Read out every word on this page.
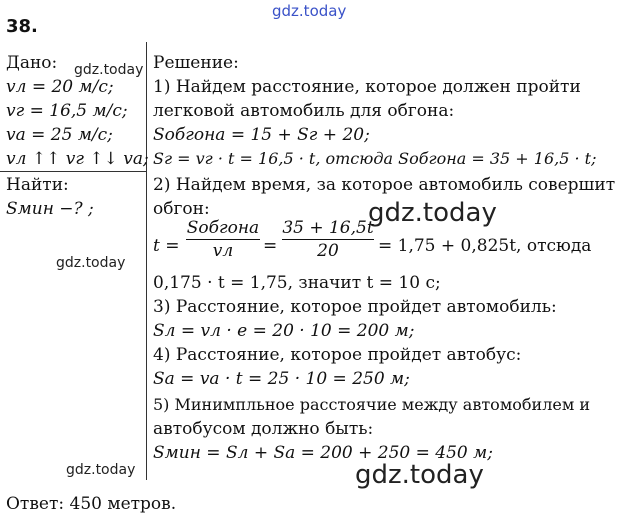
gdz.today
gdz.today
gdz.today
gdz.today
gdz.today	gdz.today
38.
Дано:
vл = 20 м/с;
vг = 16,5 м/с;
vа = 25 м/с;
vл ↑↑ vг ↑↓ vа;
Найти:
Sмин −? ;
Решение:
1) Найдем расстояние, которое должен пройти
легковой автомобиль для обгона:
Sобгона = 15 + Sг + 20;
Sг = vг · t = 16,5 · t, отсюда Sобгона = 35 + 16,5 · t;
2) Найдем время, за которое автомобиль совершит
обгон:
t =
Sобгона
vл	=
35 + 16,5t
20	= 1,75 + 0,825t, отсюда
0,175 · t = 1,75, значит t = 10 с;
3) Расстояние, которое пройдет автомобиль:
Sл = vл · e = 20 · 10 = 200 м;
4) Расстояние, которое пройдет автобус:
Sа = vа · t = 25 · 10 = 250 м;
5) Минимпльное расстоячие между автомобилем и
автобусом должно быть:
Sмин = Sл + Sа = 200 + 250 = 450 м;
Ответ: 450 метров.
